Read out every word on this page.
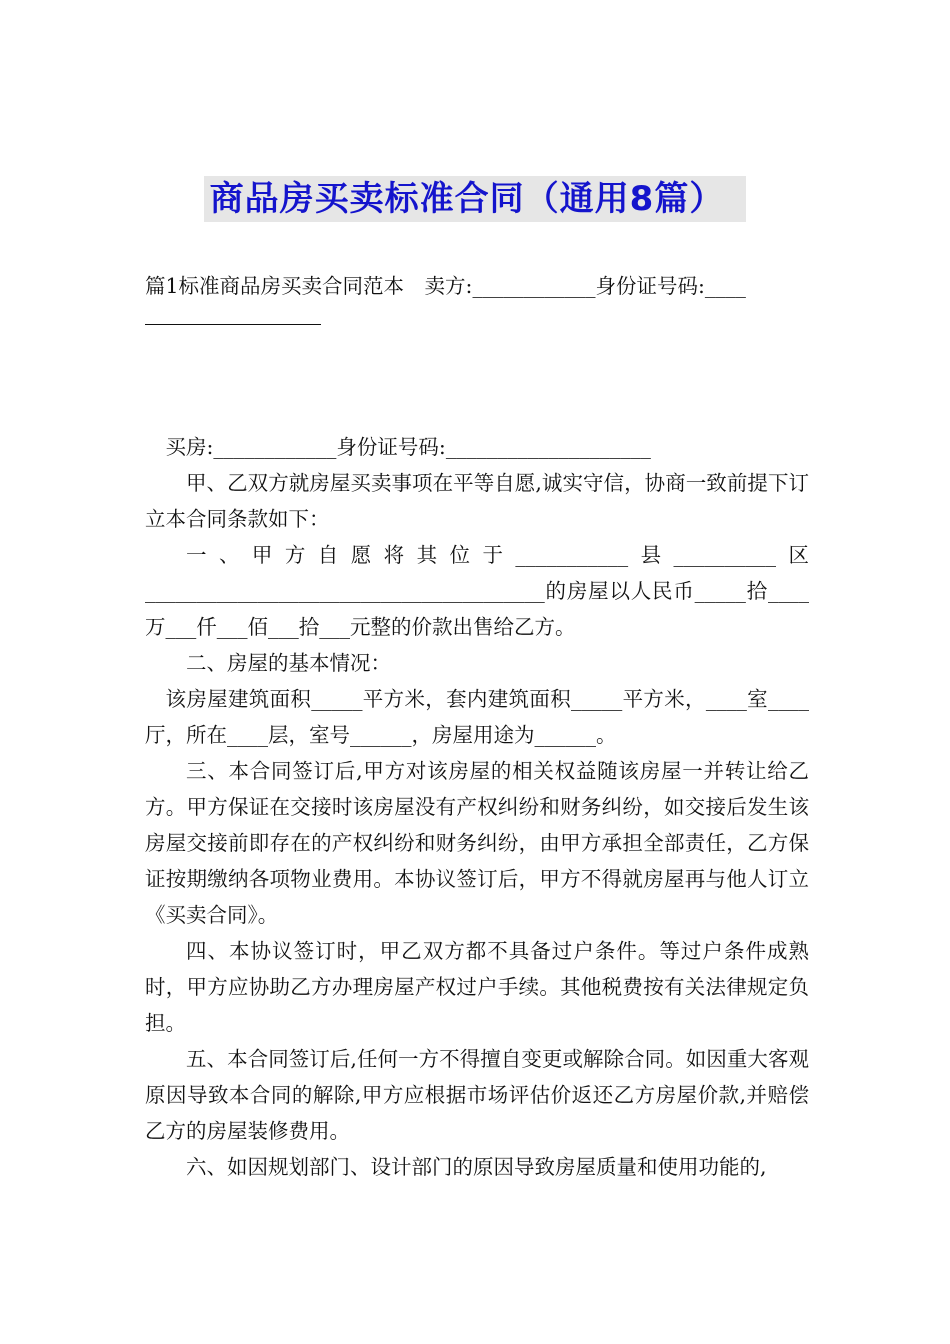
商品房买卖标准合同（通用8篇）
篇1标准商品房买卖合同范本　卖方:____________身份证号码:____

买房:____________身份证号码:____________________

甲、乙双方就房屋买卖事项在平等自愿,诚实守信，协商一致前提下订立本合同条款如下：

一、甲方自愿将其位于___________县__________区_______________________________________的房屋以人民币_____拾____万___仟___佰___拾___元整的价款出售给乙方。

二、房屋的基本情况：

该房屋建筑面积_____平方米，套内建筑面积_____平方米，____室____厅，所在____层，室号______，房屋用途为______。

三、本合同签订后,甲方对该房屋的相关权益随该房屋一并转让给乙方。甲方保证在交接时该房屋没有产权纠纷和财务纠纷，如交接后发生该房屋交接前即存在的产权纠纷和财务纠纷，由甲方承担全部责任，乙方保证按期缴纳各项物业费用。本协议签订后，甲方不得就房屋再与他人订立《买卖合同》。

四、本协议签订时，甲乙双方都不具备过户条件。等过户条件成熟时，甲方应协助乙方办理房屋产权过户手续。其他税费按有关法律规定负担。

五、本合同签订后,任何一方不得擅自变更或解除合同。如因重大客观原因导致本合同的解除,甲方应根据市场评估价返还乙方房屋价款,并赔偿乙方的房屋装修费用。

六、如因规划部门、设计部门的原因导致房屋质量和使用功能的,
